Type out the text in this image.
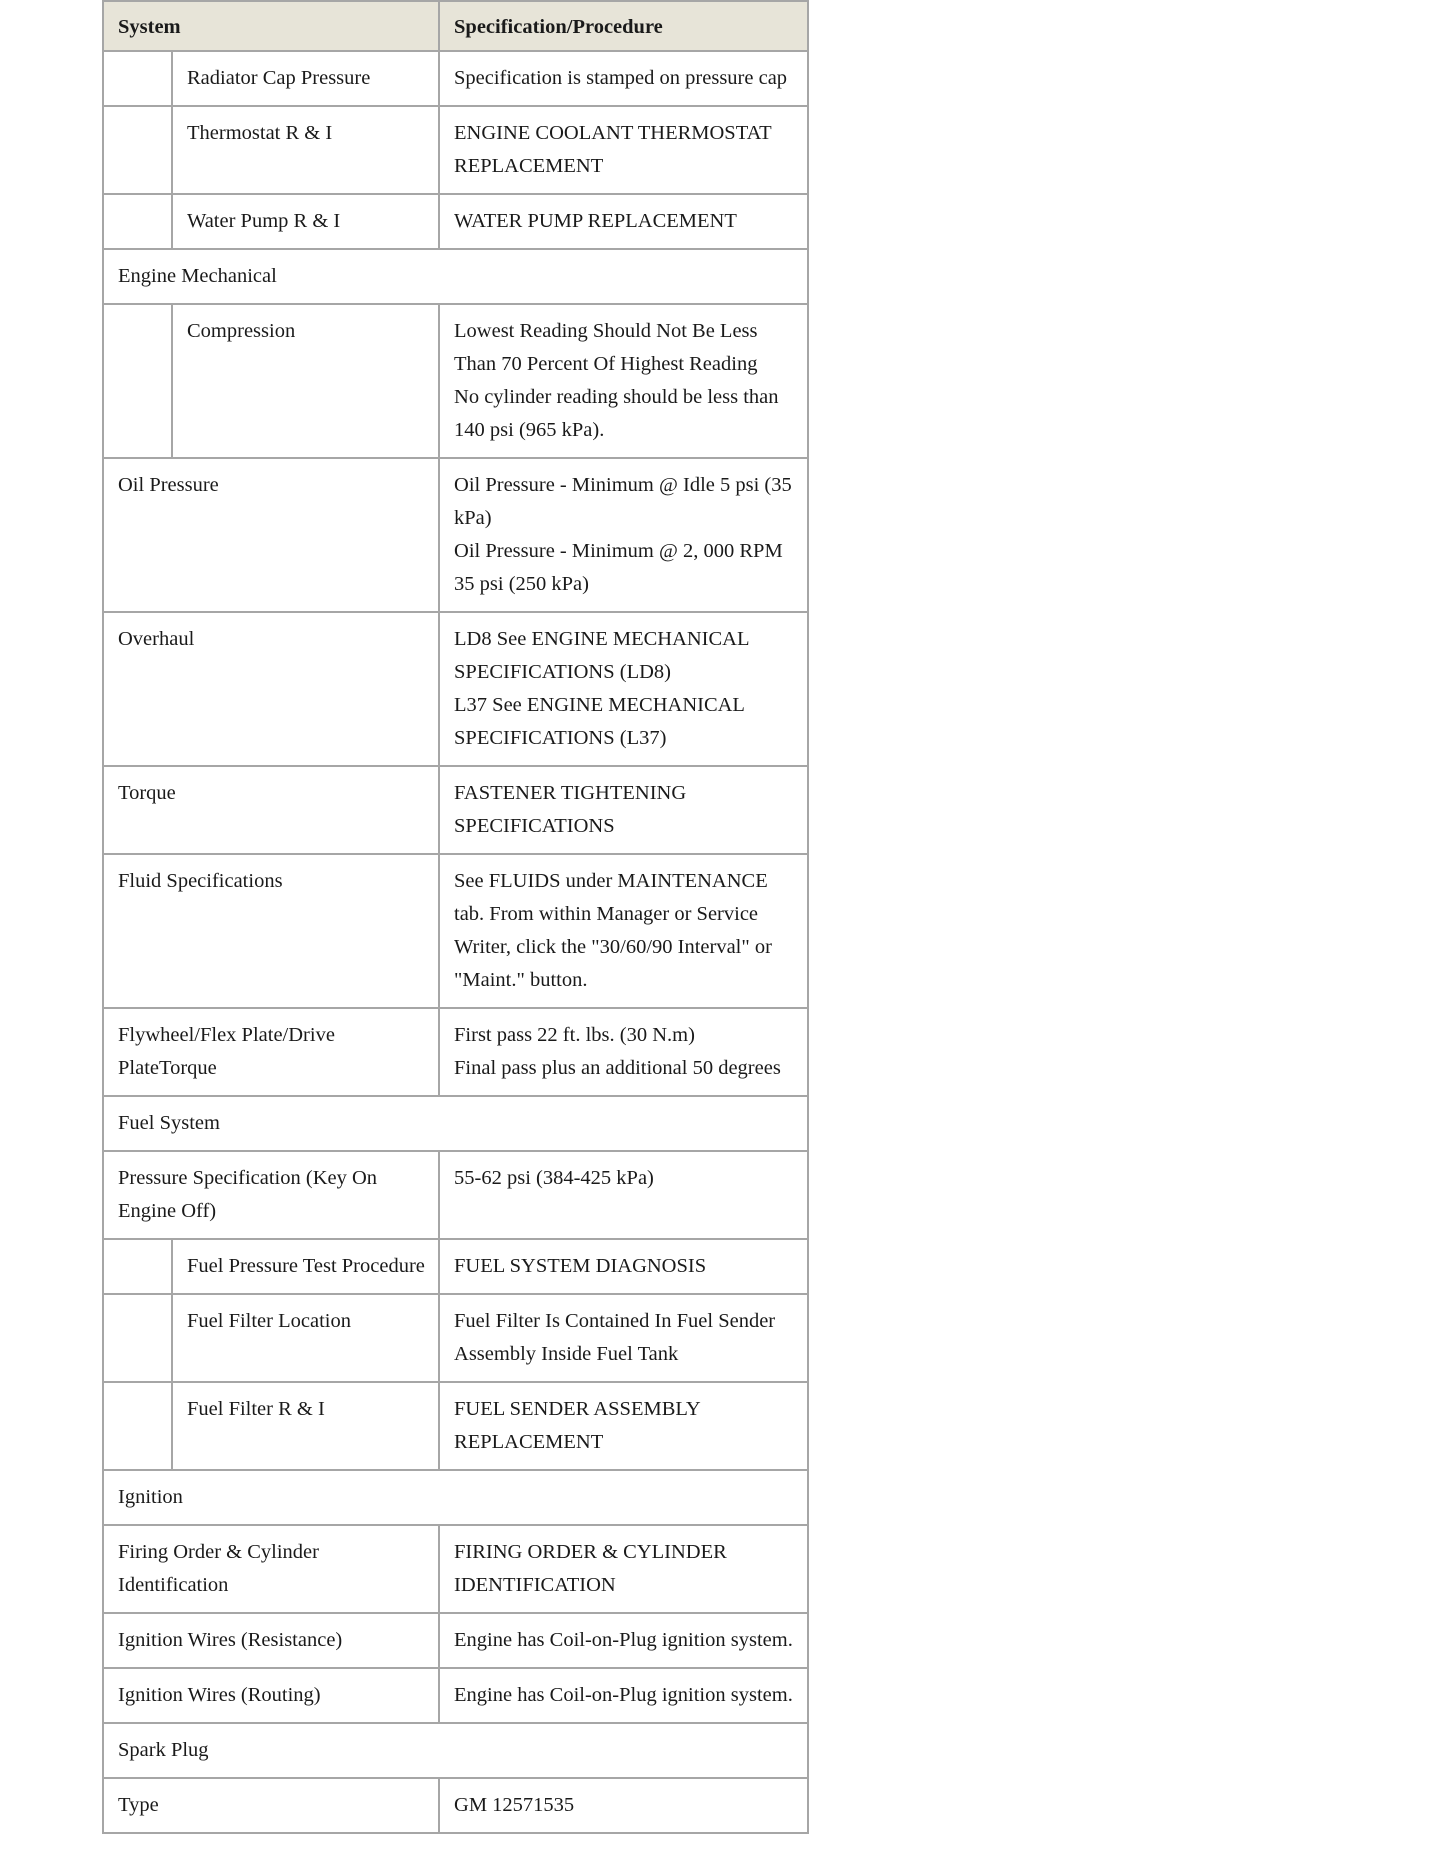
System		Specification/Procedure
	Radiator Cap Pressure	Specification is stamped on pressure cap
	Thermostat R & I	ENGINE COOLANT THERMOSTAT REPLACEMENT
	Water Pump R & I	WATER PUMP REPLACEMENT
Engine Mechanical		
	Compression	Lowest Reading Should Not Be Less Than 70 Percent Of Highest Reading
No cylinder reading should be less than 140 psi (965 kPa).

Oil Pressure		Oil Pressure - Minimum @ Idle 5 psi (35 kPa)
Oil Pressure - Minimum @ 2, 000 RPM 35 psi (250 kPa)

Overhaul		LD8 See ENGINE MECHANICAL SPECIFICATIONS (LD8)
L37 See ENGINE MECHANICAL SPECIFICATIONS (L37)

Torque		FASTENER TIGHTENING SPECIFICATIONS
Fluid Specifications		See FLUIDS under MAINTENANCE tab. From within Manager or Service Writer, click the "30/60/90 Interval" or "Maint." button.
Flywheel/Flex Plate/Drive PlateTorque		First pass 22 ft. lbs. (30 N.m)
Final pass plus an additional 50 degrees

Fuel System		
Pressure Specification (Key On Engine Off)		55-62 psi (384-425 kPa)
	Fuel Pressure Test Procedure	FUEL SYSTEM DIAGNOSIS
	Fuel Filter Location	Fuel Filter Is Contained In Fuel Sender Assembly Inside Fuel Tank
	Fuel Filter R & I	FUEL SENDER ASSEMBLY REPLACEMENT
Ignition		
Firing Order & Cylinder Identification		FIRING ORDER & CYLINDER IDENTIFICATION
Ignition Wires (Resistance)		Engine has Coil-on-Plug ignition system.
Ignition Wires (Routing)		Engine has Coil-on-Plug ignition system.
Spark Plug		
Type		GM 12571535
